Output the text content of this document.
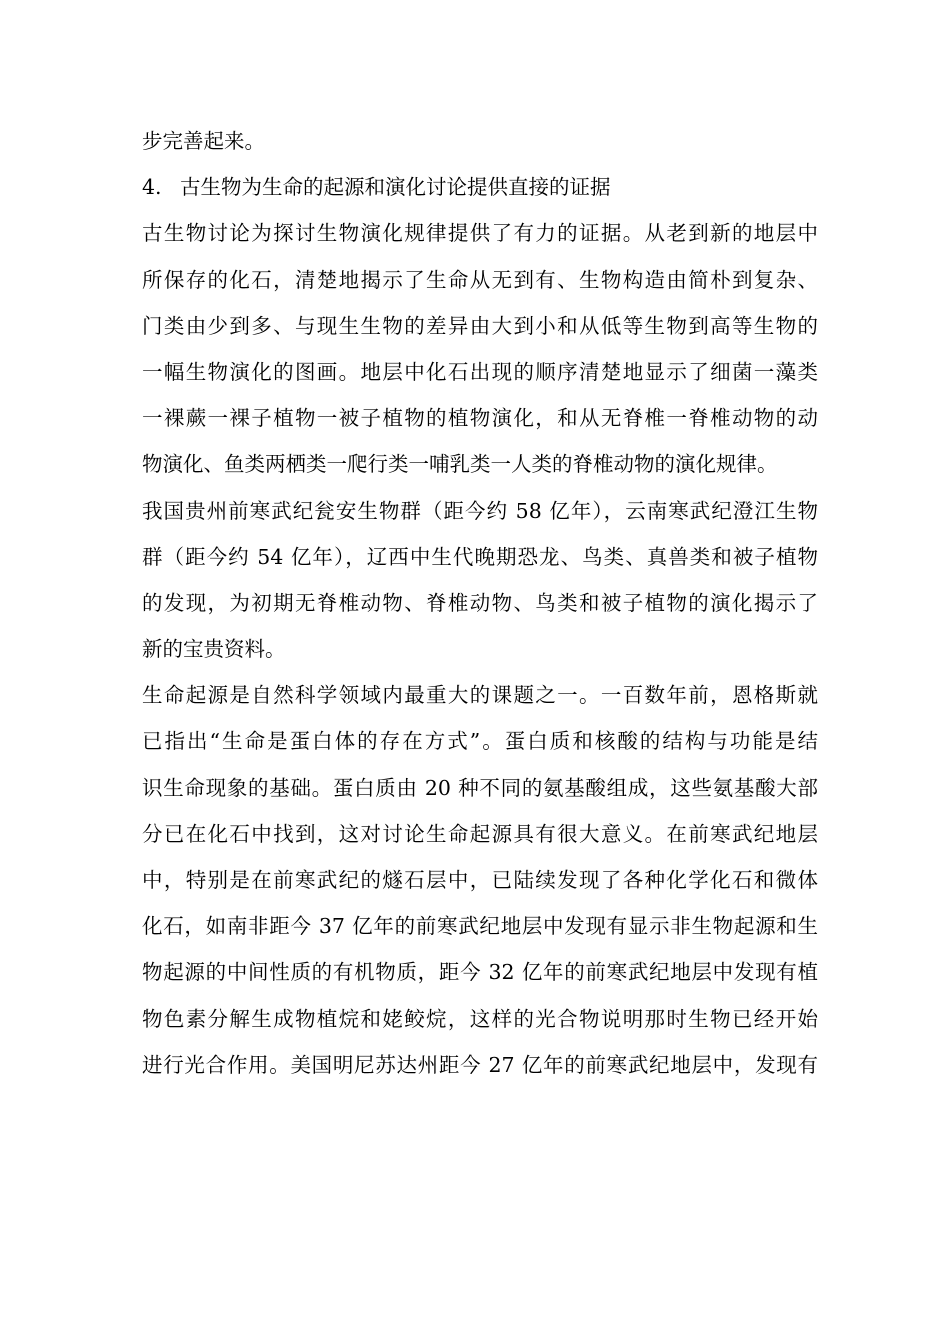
步完善起来。

4. 古生物为生命的起源和演化讨论提供直接的证据

古生物讨论为探讨生物演化规律提供了有力的证据。从老到新的地层中
所保存的化石，清楚地揭示了生命从无到有、生物构造由简朴到复杂、
门类由少到多、与现生生物的差异由大到小和从低等生物到高等生物的
一幅生物演化的图画。地层中化石出现的顺序清楚地显示了细菌一藻类
一裸蕨一裸子植物一被子植物的植物演化，和从无脊椎一脊椎动物的动
物演化、鱼类两栖类一爬行类一哺乳类一人类的脊椎动物的演化规律。

我国贵州前寒武纪瓮安生物群（距今约 58 亿年），云南寒武纪澄江生物
群（距今约 54 亿年），辽西中生代晚期恐龙、鸟类、真兽类和被子植物
的发现，为初期无脊椎动物、脊椎动物、鸟类和被子植物的演化揭示了
新的宝贵资料。

生命起源是自然科学领域内最重大的课题之一。一百数年前，恩格斯就
已指出“生命是蛋白体的存在方式”。蛋白质和核酸的结构与功能是结
识生命现象的基础。蛋白质由 20 种不同的氨基酸组成，这些氨基酸大部
分已在化石中找到，这对讨论生命起源具有很大意义。在前寒武纪地层
中，特别是在前寒武纪的燧石层中，已陆续发现了各种化学化石和微体
化石，如南非距今 37 亿年的前寒武纪地层中发现有显示非生物起源和生
物起源的中间性质的有机物质，距今 32 亿年的前寒武纪地层中发现有植
物色素分解生成物植烷和姥鲛烷，这样的光合物说明那时生物已经开始
进行光合作用。美国明尼苏达州距今 27 亿年的前寒武纪地层中，发现有
